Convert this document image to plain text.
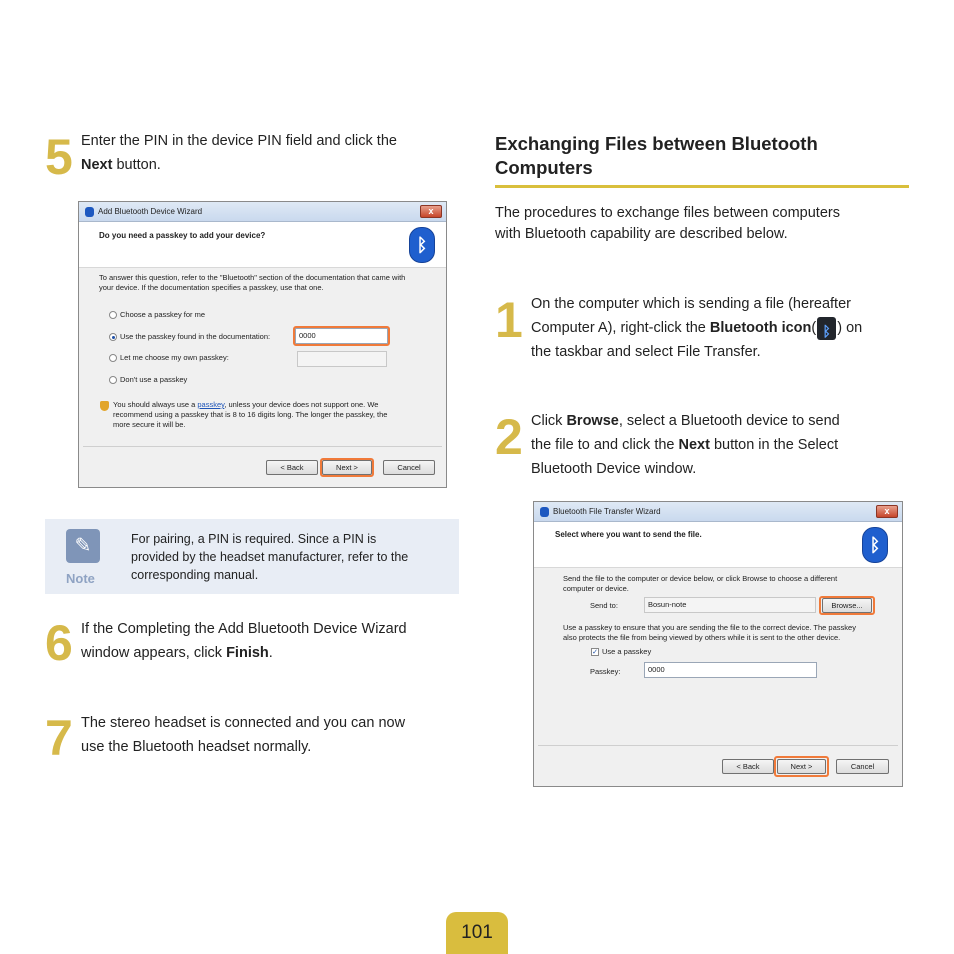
5 Enter the PIN in the device PIN field and click the
Next button.
Add Bluetooth Device Wizard	x
Do you need a passkey to add your device?	ᛒ
To answer this question, refer to the "Bluetooth" section of the documentation that came with
your device. If the documentation specifies a passkey, use that one.
Choose a passkey for me
Use the passkey found in the documentation:	0000
Let me choose my own passkey:
Don't use a passkey
You should always use a passkey, unless your device does not support one. We
recommend using a passkey that is 8 to 16 digits long. The longer the passkey, the
more secure it will be.
< Back	Next >	Cancel
✎
Note
For pairing, a PIN is required. Since a PIN is
provided by the headset manufacturer, refer to the
corresponding manual.
6 If the Completing the Add Bluetooth Device Wizard
window appears, click Finish.
7 The stereo headset is connected and you can now
use the Bluetooth headset normally.
Exchanging Files between Bluetooth
Computers
The procedures to exchange files between computers
with Bluetooth capability are described below.
1 On the computer which is sending a file (hereafter
Computer A), right-click the Bluetooth icon(ᛒ ) on
the taskbar and select File Transfer.
2 Click Browse, select a Bluetooth device to send
the file to and click the Next button in the Select
Bluetooth Device window.
Bluetooth File Transfer Wizard	x
Select where you want to send the file.	ᛒ
Send the file to the computer or device below, or click Browse to choose a different
computer or device.
Send to:	Bosun-note	Browse...
Use a passkey to ensure that you are sending the file to the correct device. The passkey
also protects the file from being viewed by others while it is sent to the other device.
✓ Use a passkey
Passkey:	0000
< Back	Next >	Cancel
101
